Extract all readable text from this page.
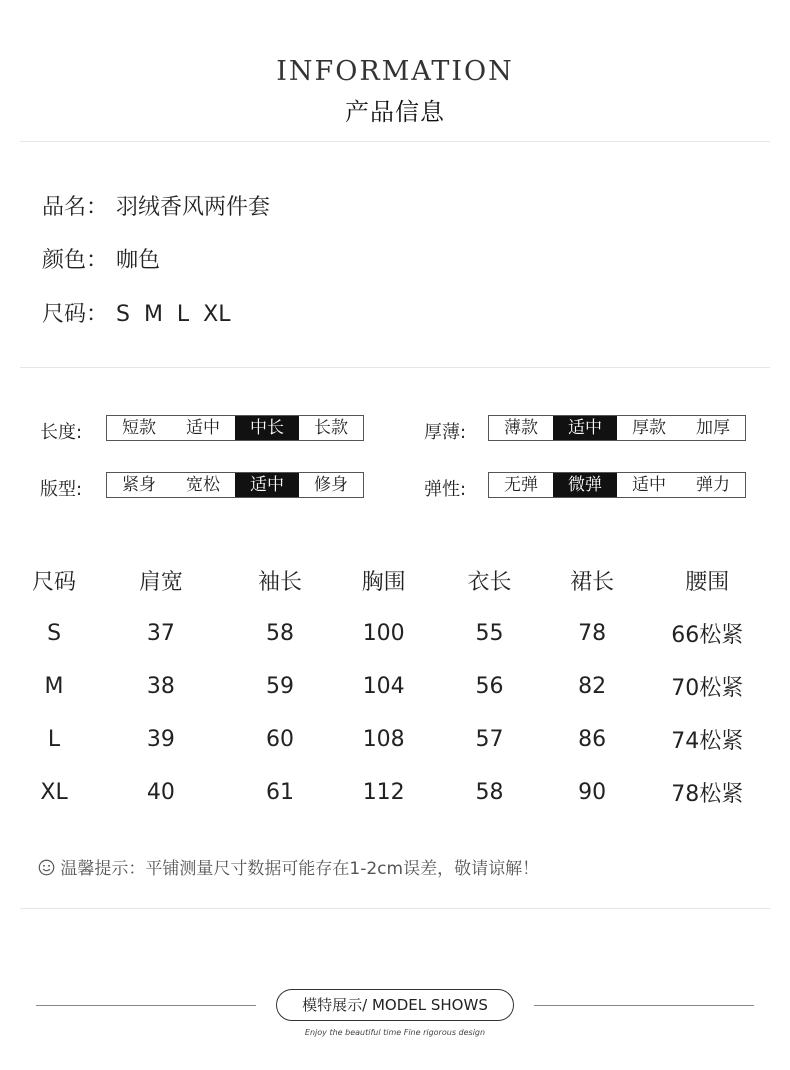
INFORMATION
产品信息
品名： 羽绒香风两件套
颜色： 咖色
尺码： S  M  L  XL
长度:	短款	适中	中长	长款	厚薄:	薄款	适中	厚款	加厚
版型:	紧身	宽松	适中	修身	弹性:	无弹	微弹	适中	弹力
尺码	肩宽	袖长	胸围	衣长	裙长	腰围
S	37	58	100	55	78	66松紧
M	38	59	104	56	82	70松紧
L	39	60	108	57	86	74松紧
XL	40	61	112	58	90	78松紧
温馨提示：平铺测量尺寸数据可能存在1-2cm误差，敬请谅解！
模特展示/ MODEL SHOWS
Enjoy the beautiful time Fine rigorous design
